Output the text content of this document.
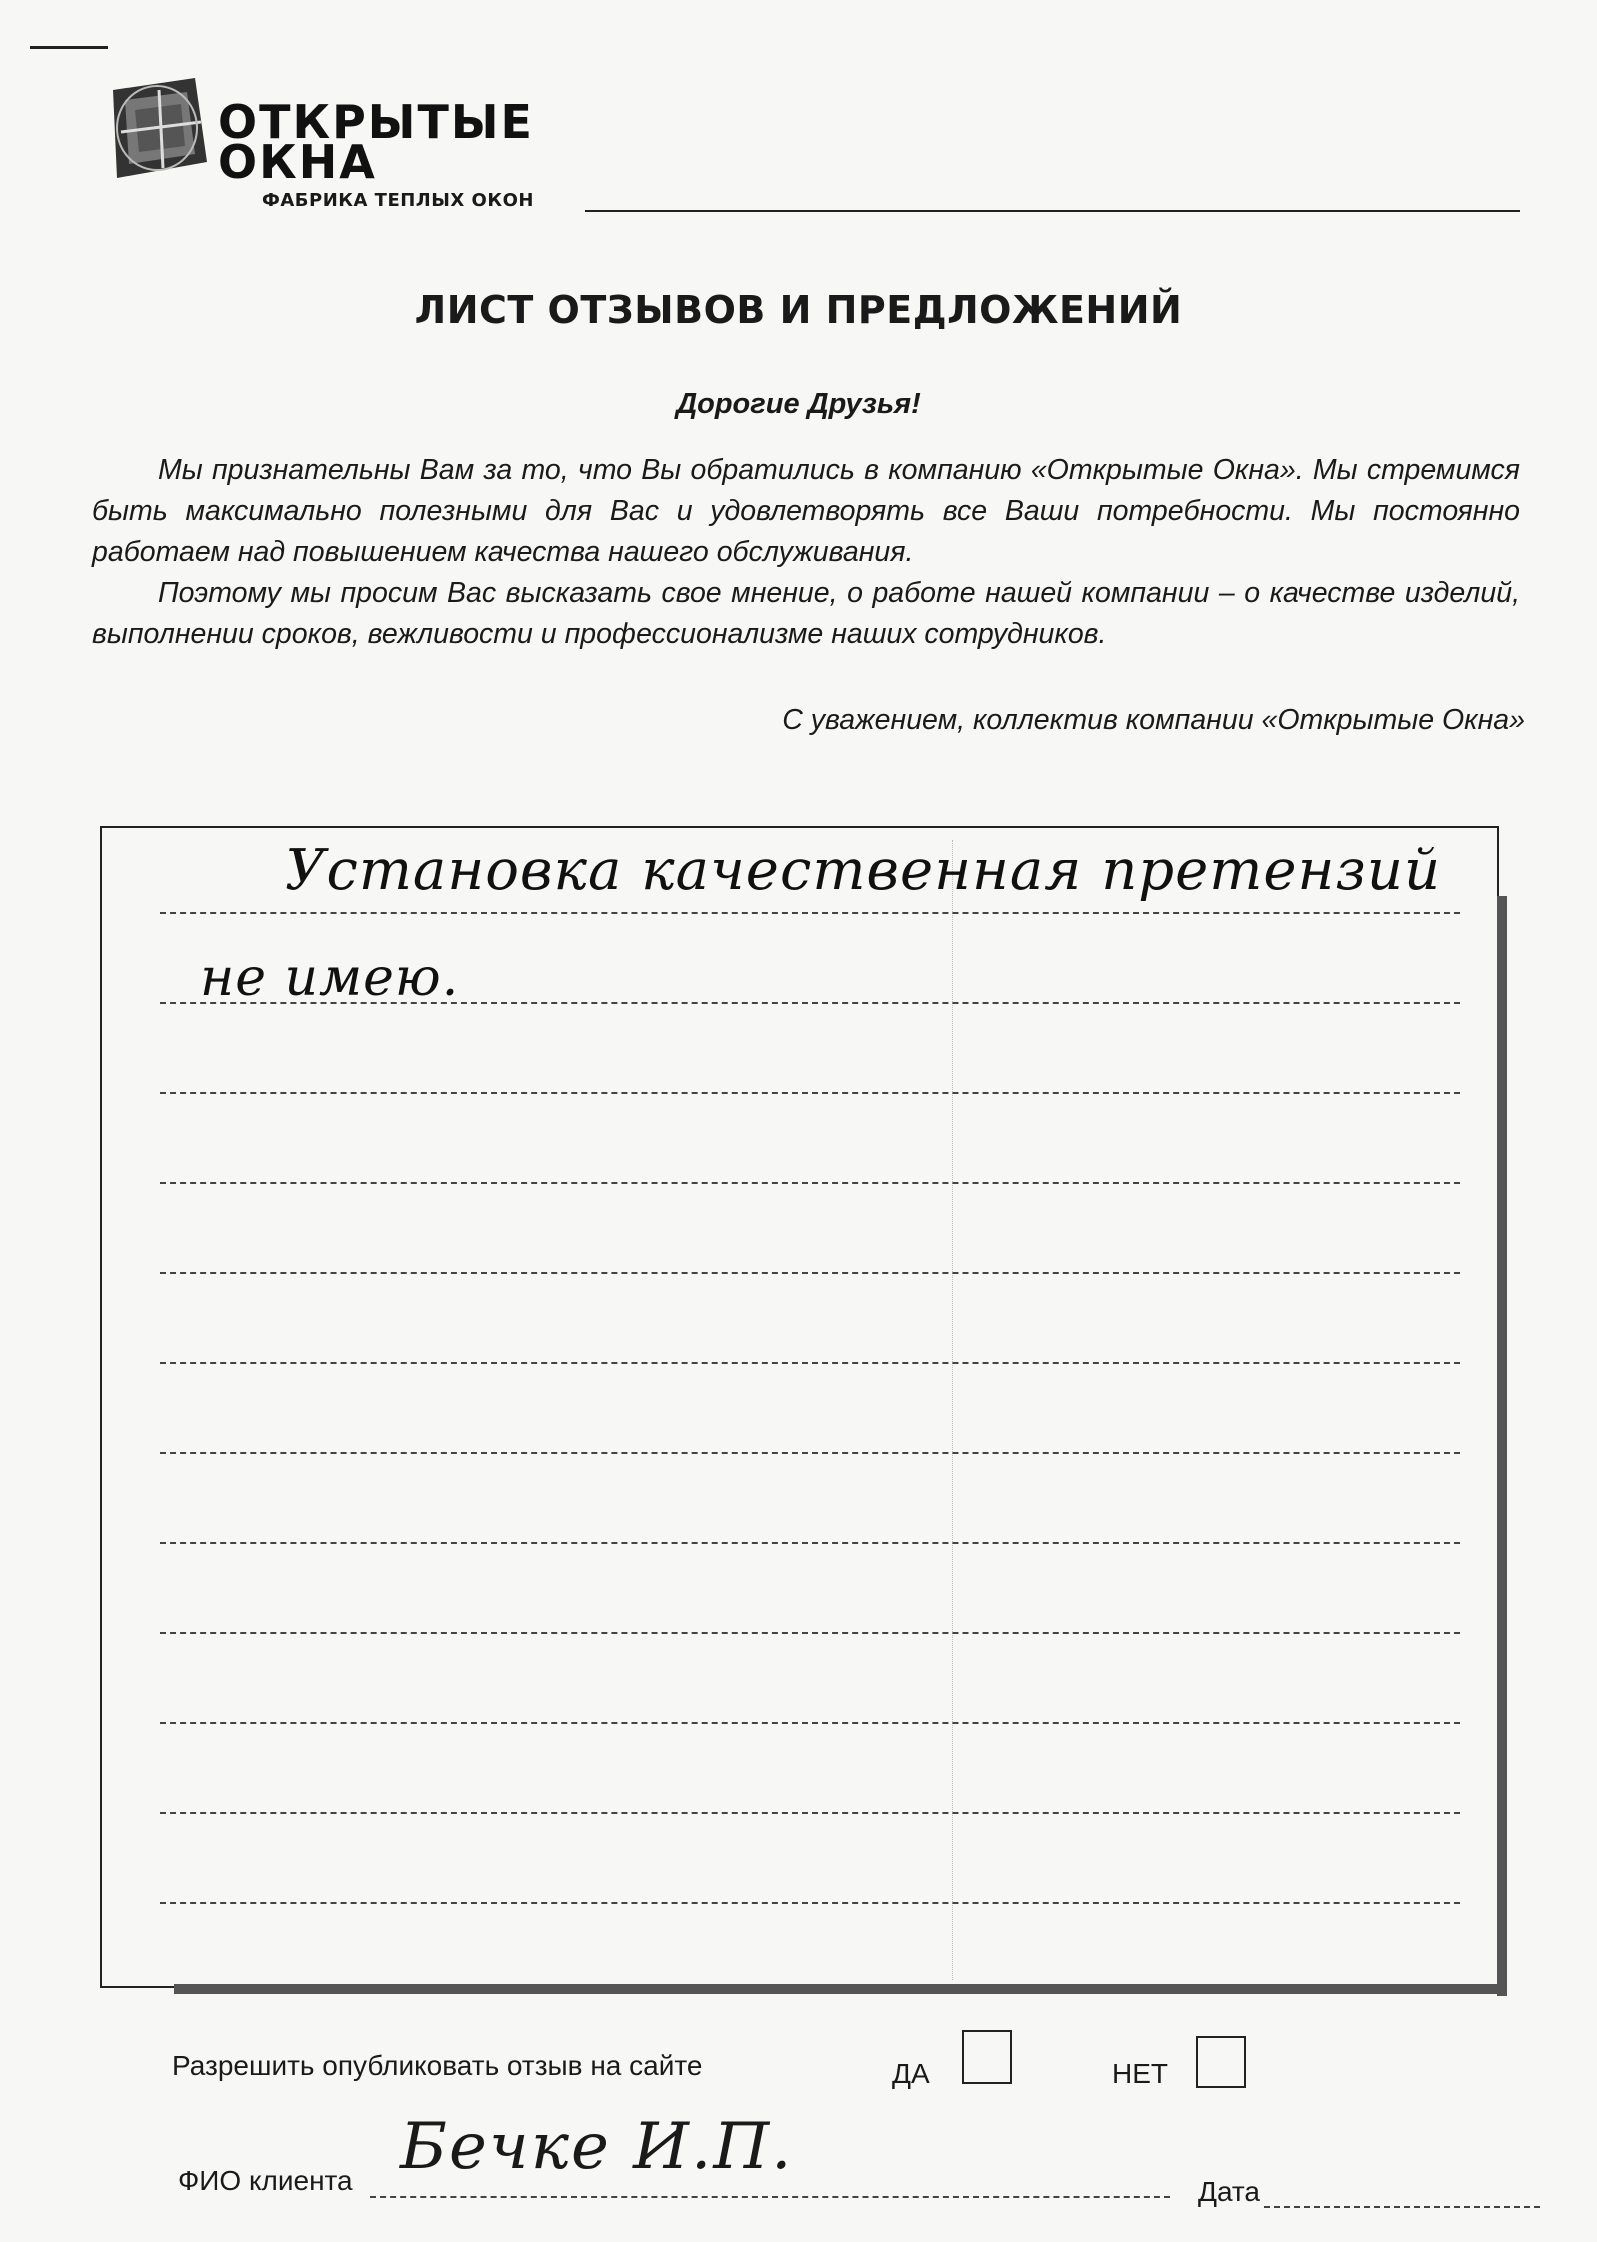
ОТКРЫТЫЕ
ОКНА
ФАБРИКА ТЕПЛЫХ ОКОН
ЛИСТ ОТЗЫВОВ И ПРЕДЛОЖЕНИЙ
Дорогие Друзья!

Мы признательны Вам за то, что Вы обратились в компанию «Открытые Окна». Мы стремимся быть максимально полезными для Вас и удовлетворять все Ваши потребности. Мы постоянно работаем над повышением качества нашего обслуживания.

Поэтому мы просим Вас высказать свое мнение, о работе нашей компании – о качестве изделий, выполнении сроков, вежливости и профессионализме наших сотрудников.

С уважением, коллектив компании «Открытые Окна»
Установка качественная претензий
не имею.
Разрешить опубликовать отзыв на сайте	ДА	НЕТ
ФИО клиента Бечке И.П.
Дата
